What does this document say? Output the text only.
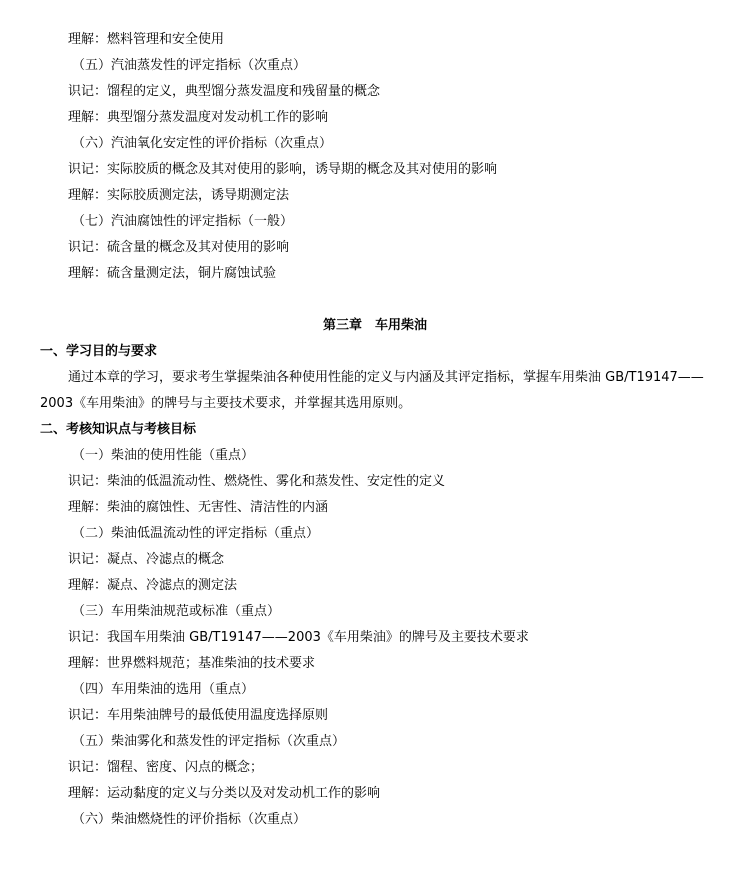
理解：燃料管理和安全使用
（五）汽油蒸发性的评定指标（次重点）
识记：馏程的定义，典型馏分蒸发温度和残留量的概念
理解：典型馏分蒸发温度对发动机工作的影响
（六）汽油氧化安定性的评价指标（次重点）
识记：实际胶质的概念及其对使用的影响，诱导期的概念及其对使用的影响
理解：实际胶质测定法，诱导期测定法
（七）汽油腐蚀性的评定指标（一般）
识记：硫含量的概念及其对使用的影响
理解：硫含量测定法，铜片腐蚀试验
第三章　车用柴油
一、学习目的与要求
通过本章的学习，要求考生掌握柴油各种使用性能的定义与内涵及其评定指标，掌握车用柴油 GB/T19147——
2003《车用柴油》的牌号与主要技术要求，并掌握其选用原则。
二、考核知识点与考核目标
（一）柴油的使用性能（重点）
识记：柴油的低温流动性、燃烧性、雾化和蒸发性、安定性的定义
理解：柴油的腐蚀性、无害性、清洁性的内涵
（二）柴油低温流动性的评定指标（重点）
识记：凝点、冷滤点的概念
理解：凝点、冷滤点的测定法
（三）车用柴油规范或标准（重点）
识记：我国车用柴油 GB/T19147——2003《车用柴油》的牌号及主要技术要求
理解：世界燃料规范；基准柴油的技术要求
（四）车用柴油的选用（重点）
识记：车用柴油牌号的最低使用温度选择原则
（五）柴油雾化和蒸发性的评定指标（次重点）
识记：馏程、密度、闪点的概念；
理解：运动黏度的定义与分类以及对发动机工作的影响
（六）柴油燃烧性的评价指标（次重点）
